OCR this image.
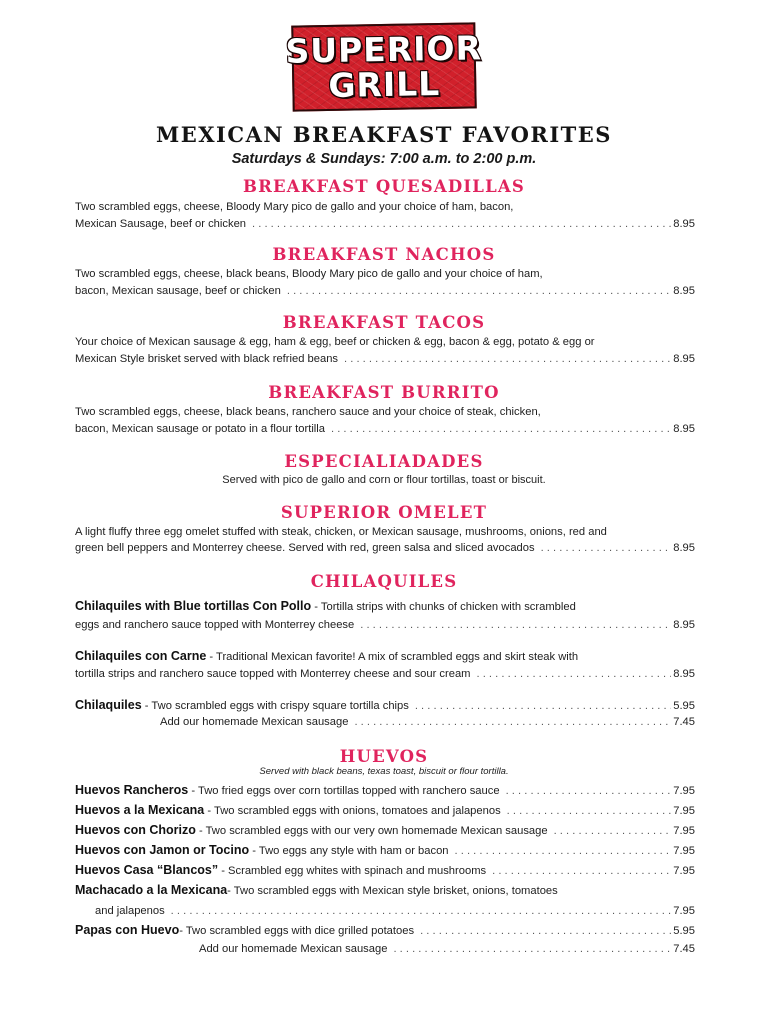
SUPERIOR
GRILL
MEXICAN BREAKFAST FAVORITES
Saturdays & Sundays: 7:00 a.m. to 2:00 p.m.
BREAKFAST QUESADILLAS
Two scrambled eggs, cheese, Bloody Mary pico de gallo and your choice of ham, bacon,
Mexican Sausage, beef or chicken . . .	8.95
BREAKFAST NACHOS
Two scrambled eggs, cheese, black beans, Bloody Mary pico de gallo and your choice of ham,
bacon, Mexican sausage, beef or chicken . . .	8.95
BREAKFAST TACOS
Your choice of Mexican sausage & egg, ham & egg, beef or chicken & egg, bacon & egg, potato & egg or
Mexican Style brisket served with black refried beans . . .	8.95
BREAKFAST BURRITO
Two scrambled eggs, cheese, black beans, ranchero sauce and your choice of steak, chicken,
bacon, Mexican sausage or potato in a flour tortilla . . .	8.95
ESPECIALIADADES
Served with pico de gallo and corn or flour tortillas, toast or biscuit.
SUPERIOR OMELET
A light fluffy three egg omelet stuffed with steak, chicken, or Mexican sausage, mushrooms, onions, red and
green bell peppers and Monterrey cheese. Served with red, green salsa and sliced avocados . . .	8.95
CHILAQUILES
Chilaquiles with Blue tortillas Con Pollo - Tortilla strips with chunks of chicken with scrambled
eggs and ranchero sauce topped with Monterrey cheese . . .	8.95
Chilaquiles con Carne - Traditional Mexican favorite! A mix of scrambled eggs and skirt steak with
tortilla strips and ranchero sauce topped with Monterrey cheese and sour cream . . .	8.95
Chilaquiles - Two scrambled eggs with crispy square tortilla chips . . .	5.95
Add our homemade Mexican sausage . . .	7.45
HUEVOS
Served with black beans, texas toast, biscuit or flour tortilla.
Huevos Rancheros - Two fried eggs over corn tortillas topped with ranchero sauce . . .	7.95
Huevos a la Mexicana - Two scrambled eggs with onions, tomatoes and jalapenos . . .	7.95
Huevos con Chorizo - Two scrambled eggs with our very own homemade Mexican sausage . . .	7.95
Huevos con Jamon or Tocino - Two eggs any style with ham or bacon . . .	7.95
Huevos Casa “Blancos” - Scrambled egg whites with spinach and mushrooms . . .	7.95
Machacado a la Mexicana- Two scrambled eggs with Mexican style brisket, onions, tomatoes
and jalapenos . . .	7.95
Papas con Huevo- Two scrambled eggs with dice grilled potatoes . . .	5.95
Add our homemade Mexican sausage . . .	7.45
